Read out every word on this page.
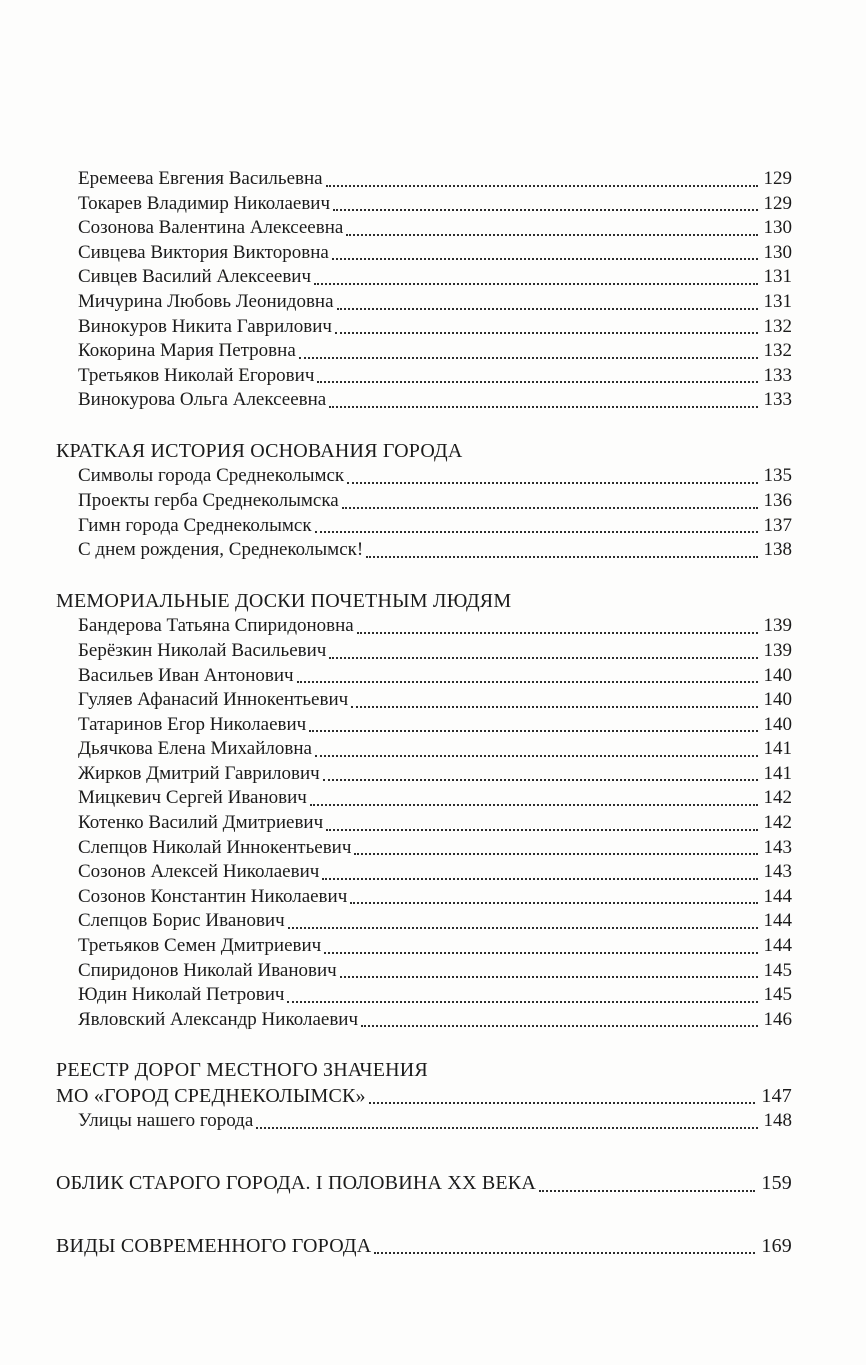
Еремеева Евгения Васильевна	129
Токарев Владимир Николаевич	129
Созонова Валентина Алексеевна	130
Сивцева Виктория Викторовна	130
Сивцев Василий Алексеевич	131
Мичурина Любовь Леонидовна	131
Винокуров Никита Гаврилович	132
Кокорина Мария Петровна	132
Третьяков Николай Егорович	133
Винокурова Ольга Алексеевна	133
КРАТКАЯ ИСТОРИЯ ОСНОВАНИЯ ГОРОДА
Символы города Среднеколымск	135
Проекты герба Среднеколымска	136
Гимн города Среднеколымск	137
С днем рождения, Среднеколымск!	138
МЕМОРИАЛЬНЫЕ ДОСКИ ПОЧЕТНЫМ ЛЮДЯМ
Бандерова Татьяна Спиридоновна	139
Берёзкин Николай Васильевич	139
Васильев Иван Антонович	140
Гуляев Афанасий Иннокентьевич	140
Татаринов Егор Николаевич	140
Дьячкова Елена Михайловна	141
Жирков Дмитрий Гаврилович	141
Мицкевич Сергей Иванович	142
Котенко Василий Дмитриевич	142
Слепцов Николай Иннокентьевич	143
Созонов Алексей Николаевич	143
Созонов Константин Николаевич	144
Слепцов Борис Иванович	144
Третьяков Семен Дмитриевич	144
Спиридонов Николай Иванович	145
Юдин Николай Петрович	145
Явловский Александр Николаевич	146
РЕЕСТР ДОРОГ МЕСТНОГО ЗНАЧЕНИЯ
МО «ГОРОД СРЕДНЕКОЛЫМСК»	147
Улицы нашего города	148
ОБЛИК СТАРОГО ГОРОДА. I ПОЛОВИНА XX ВЕКА	159
ВИДЫ СОВРЕМЕННОГО ГОРОДА	169
